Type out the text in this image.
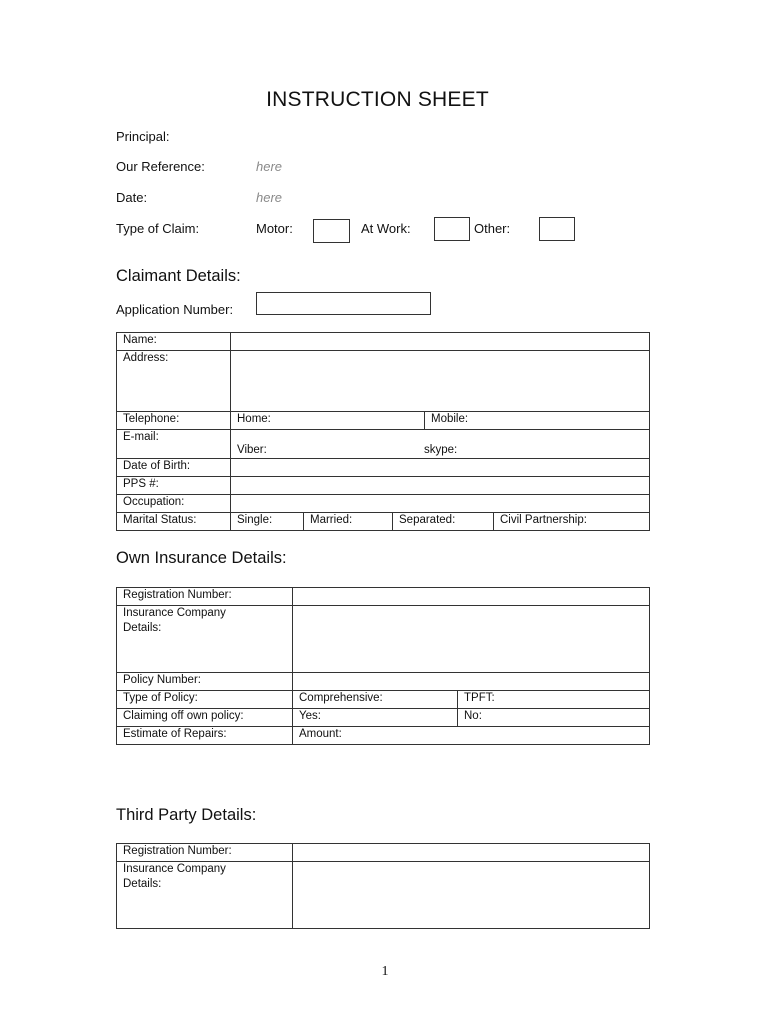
INSTRUCTION SHEET
Principal:
Our Reference:	here
Date:	here
Type of Claim:	Motor:	At Work:	Other:
Claimant Details:
Application Number:
Name:					
Address:					
Telephone:	Home:			Mobile:	
E-mail:	Viber: skype:				
Date of Birth:					
PPS #:					
Occupation:					
Marital Status:	Single:	Married:	Separated:		Civil Partnership:
Own Insurance Details:
Registration Number:		
Insurance Company Details:		
Policy Number:		
Type of Policy:	Comprehensive:	TPFT:
Claiming off own policy:	Yes:	No:
Estimate of Repairs:	Amount:	
Third Party Details:
Registration Number:	
Insurance Company Details:	
1
